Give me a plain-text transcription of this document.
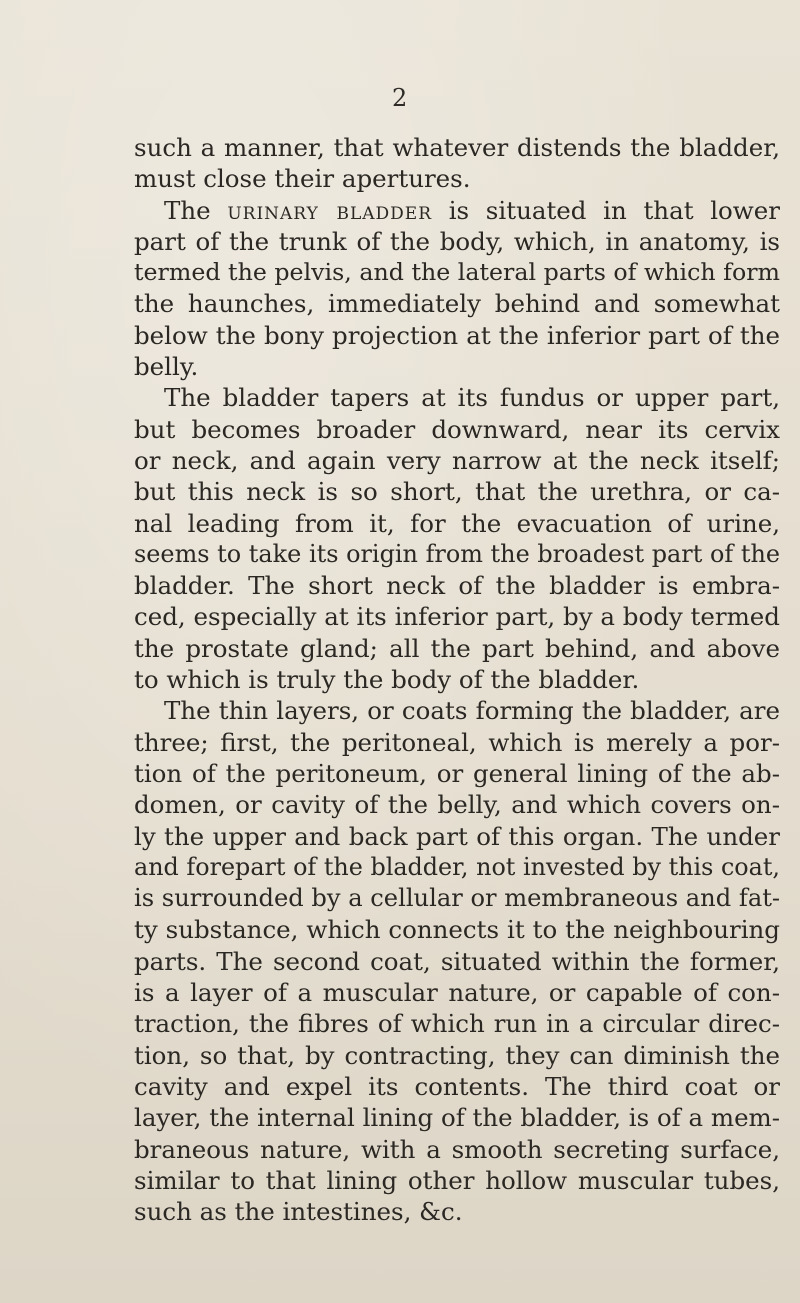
2
such a manner, that whatever distends the bladder,
must close their apertures.
The urinary bladder is situated in that lower
part of the trunk of the body, which, in anatomy, is
termed the pelvis, and the lateral parts of which form
the haunches, immediately behind and somewhat
below the bony projection at the inferior part of the
belly.
The bladder tapers at its fundus or upper part,
but becomes broader downward, near its cervix
or neck, and again very narrow at the neck itself;
but this neck is so short, that the urethra, or ca-
nal leading from it, for the evacuation of urine,
seems to take its origin from the broadest part of the
bladder. The short neck of the bladder is embra-
ced, especially at its inferior part, by a body termed
the prostate gland; all the part behind, and above
to which is truly the body of the bladder.
The thin layers, or coats forming the bladder, are
three; first, the peritoneal, which is merely a por-
tion of the peritoneum, or general lining of the ab-
domen, or cavity of the belly, and which covers on-
ly the upper and back part of this organ. The under
and forepart of the bladder, not invested by this coat,
is surrounded by a cellular or membraneous and fat-
ty substance, which connects it to the neighbouring
parts. The second coat, situated within the former,
is a layer of a muscular nature, or capable of con-
traction, the fibres of which run in a circular direc-
tion, so that, by contracting, they can diminish the
cavity and expel its contents. The third coat or
layer, the internal lining of the bladder, is of a mem-
braneous nature, with a smooth secreting surface,
similar to that lining other hollow muscular tubes,
such as the intestines, &c.
